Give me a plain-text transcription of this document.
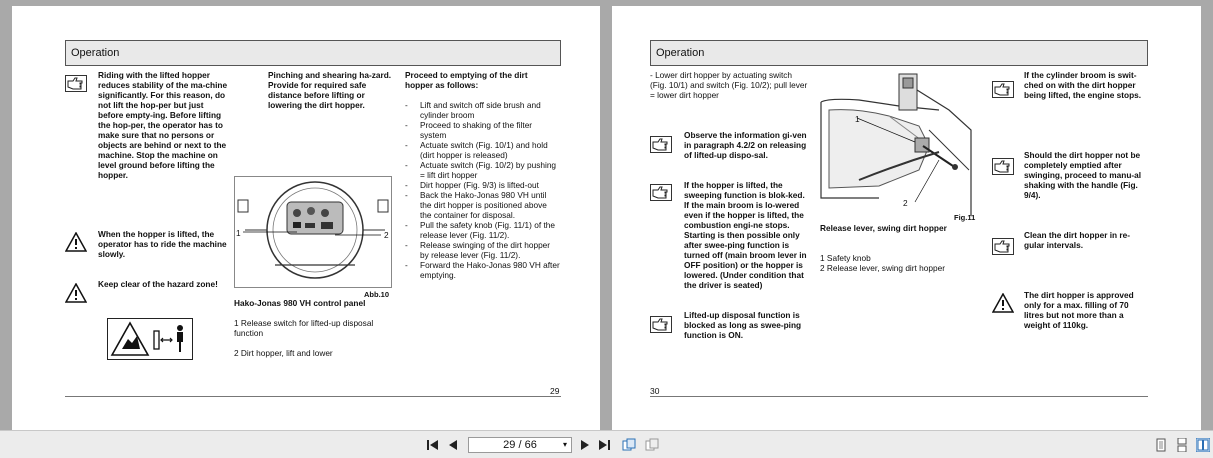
Operation
Riding with the lifted hopper reduces stability of the ma-chine significantly. For this reason, do not lift the hop-per but just before empty-ing. Before lifting the hop-per, the operator has to make sure that no persons or objects are behind or next to the machine. Stop the machine on level ground before lifting the hopper.
When the hopper is lifted, the operator has to ride the machine slowly.
Keep clear of the hazard zone!
Pinching and shearing ha-zard. Provide for required safe distance before lifting or lowering the dirt hopper.
1	2
Abb.10
Hako-Jonas 980 VH control panel
1 Release switch for lifted-up disposal function
2 Dirt hopper, lift and lower
Proceed to emptying of the dirt hopper as follows:
- Lift and switch off side brush and cylinder broom
- Proceed to shaking of the filter system
- Actuate switch (Fig. 10/1) and hold (dirt hopper is released)
- Actuate switch (Fig. 10/2) by pushing = lift dirt hopper
- Dirt hopper (Fig. 9/3) is lifted-out
- Back the Hako-Jonas 980 VH until the dirt hopper is positioned above the container for disposal.
- Pull the safety knob (Fig. 11/1) of the release lever (Fig. 11/2).
- Release swinging of the dirt hopper by release lever (Fig. 11/2).
- Forward the Hako-Jonas 980 VH after emptying.
29
Operation
- Lower dirt hopper by actuating switch (Fig. 10/1) and switch (Fig. 10/2); pull lever = lower dirt hopper
Observe the information gi-ven in paragraph 4.2/2 on releasing of lifted-up dispo-sal.
If the hopper is lifted, the sweeping function is blok-ked. If the main broom is lo-wered even if the hopper is lifted, the combustion engi-ne stops. Starting is then possible only after swee-ping function is turned off (main broom lever in OFF position) or the hopper is lowered. (Under condition that the driver is seated)
Lifted-up disposal function is blocked as long as swee-ping function is ON.
1
2
Fig.11
Release lever, swing dirt hopper
1 Safety knob
2 Release lever, swing dirt hopper
If the cylinder broom is swit-ched on with the dirt hopper being lifted, the engine stops.
Should the dirt hopper not be completely emptied after swinging, proceed to manu-al shaking with the handle (Fig. 9/4).
Clean the dirt hopper in re-gular intervals.
The dirt hopper is approved only for a max. filling of 70 litres but not more than a weight of 110kg.
30
29 / 66	▾
